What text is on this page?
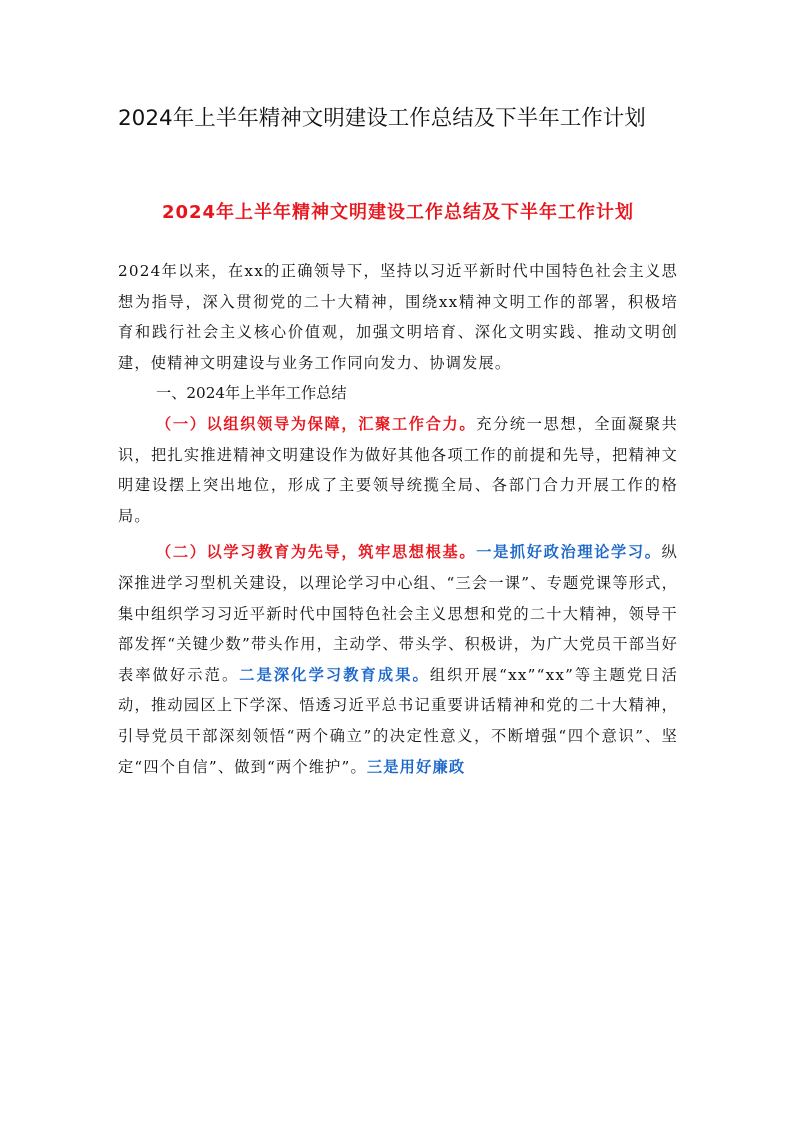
2024年上半年精神文明建设工作总结及下半年工作计划
2024年上半年精神文明建设工作总结及下半年工作计划

2024年以来，在xx的正确领导下，坚持以习近平新时代中国特色社会主义思想为指导，深入贯彻党的二十大精神，围绕xx精神文明工作的部署，积极培育和践行社会主义核心价值观，加强文明培育、深化文明实践、推动文明创建，使精神文明建设与业务工作同向发力、协调发展。

一、2024年上半年工作总结

（一）以组织领导为保障，汇聚工作合力。充分统一思想，全面凝聚共识，把扎实推进精神文明建设作为做好其他各项工作的前提和先导，把精神文明建设摆上突出地位，形成了主要领导统揽全局、各部门合力开展工作的格局。

（二）以学习教育为先导，筑牢思想根基。一是抓好政治理论学习。纵深推进学习型机关建设，以理论学习中心组、“三会一课”、专题党课等形式，集中组织学习习近平新时代中国特色社会主义思想和党的二十大精神，领导干部发挥“关键少数”带头作用，主动学、带头学、积极讲，为广大党员干部当好表率做好示范。二是深化学习教育成果。组织开展“xx”“xx”等主题党日活动，推动园区上下学深、悟透习近平总书记重要讲话精神和党的二十大精神，引导党员干部深刻领悟“两个确立”的决定性意义，不断增强“四个意识”、坚定“四个自信”、做到“两个维护”。三是用好廉政
